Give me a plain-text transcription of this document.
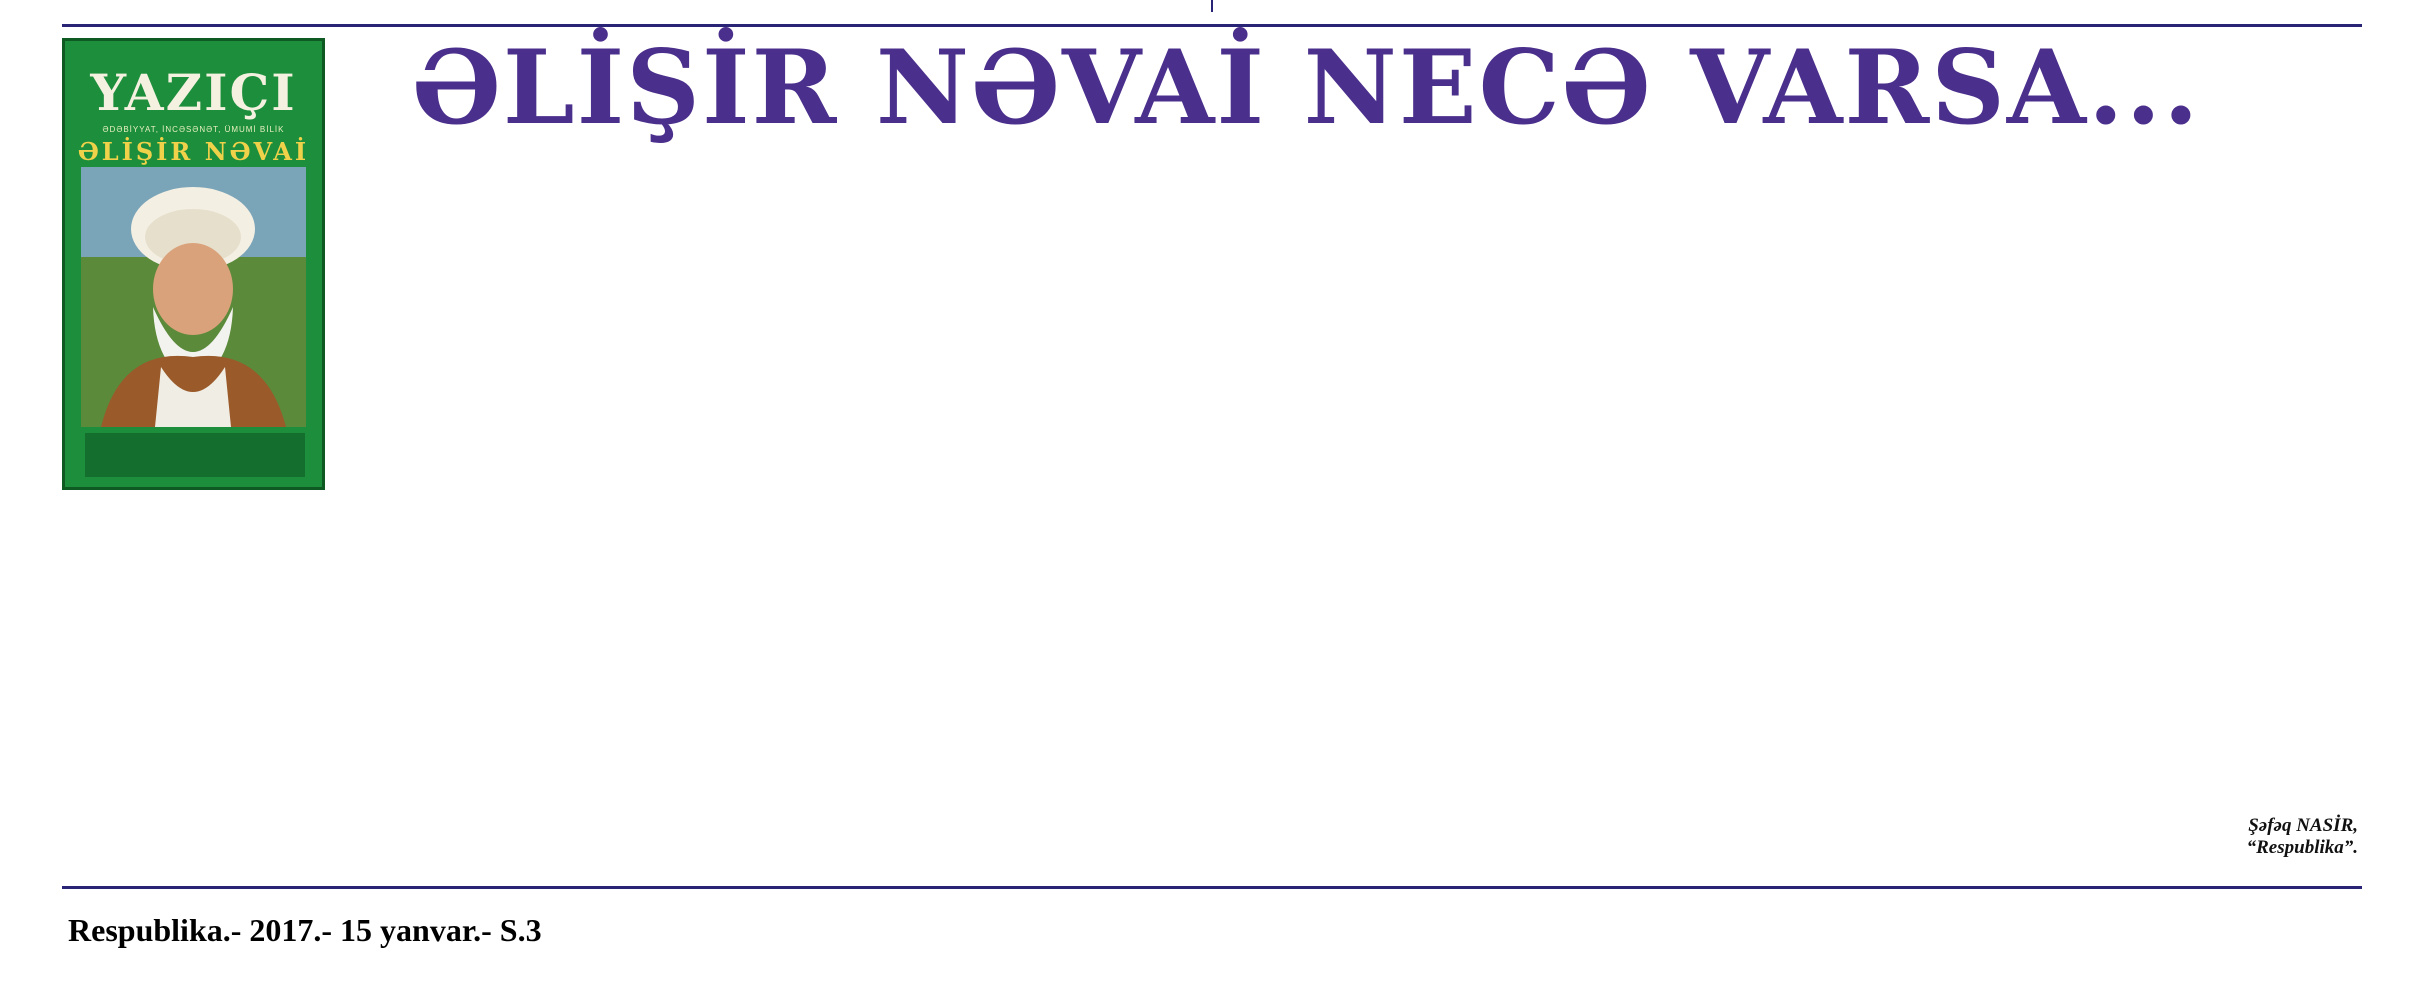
YAZIÇI
ƏDƏBİYYAT, İNCƏSƏNƏT, ÜMUMİ BİLİK
ƏLİŞİR NƏVAİ
ƏLİŞİR NƏVAİ NECƏ VARSA...
Şəfəq NASİR,
“Respublika”.
Respublika.- 2017.- 15 yanvar.- S.3
